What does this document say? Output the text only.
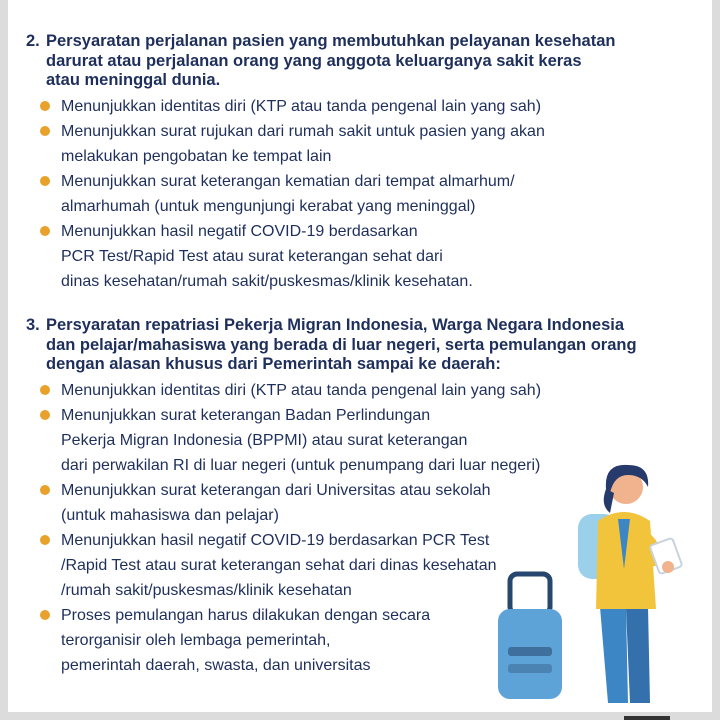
2. Persyaratan perjalanan pasien yang membutuhkan pelayanan kesehatan
darurat atau perjalanan orang yang anggota keluarganya sakit keras
atau meninggal dunia.
Menunjukkan identitas diri (KTP atau tanda pengenal lain yang sah)
Menunjukkan surat rujukan dari rumah sakit untuk pasien yang akan
melakukan pengobatan ke tempat lain
Menunjukkan surat keterangan kematian dari tempat almarhum/
almarhumah (untuk mengunjungi kerabat yang meninggal)
Menunjukkan hasil negatif COVID-19 berdasarkan
PCR Test/Rapid Test atau surat keterangan sehat dari
dinas kesehatan/rumah sakit/puskesmas/klinik kesehatan.
3. Persyaratan repatriasi Pekerja Migran Indonesia, Warga Negara Indonesia
dan pelajar/mahasiswa yang berada di luar negeri, serta pemulangan orang
dengan alasan khusus dari Pemerintah sampai ke daerah:
Menunjukkan identitas diri (KTP atau tanda pengenal lain yang sah)
Menunjukkan surat keterangan Badan Perlindungan
Pekerja Migran Indonesia (BPPMI) atau surat keterangan
dari perwakilan RI di luar negeri (untuk penumpang dari luar negeri)
Menunjukkan surat keterangan dari Universitas atau sekolah
(untuk mahasiswa dan pelajar)
Menunjukkan hasil negatif COVID-19 berdasarkan PCR Test
/Rapid Test atau surat keterangan sehat dari dinas kesehatan
/rumah sakit/puskesmas/klinik kesehatan
Proses pemulangan harus dilakukan dengan secara
terorganisir oleh lembaga pemerintah,
pemerintah daerah, swasta, dan universitas
